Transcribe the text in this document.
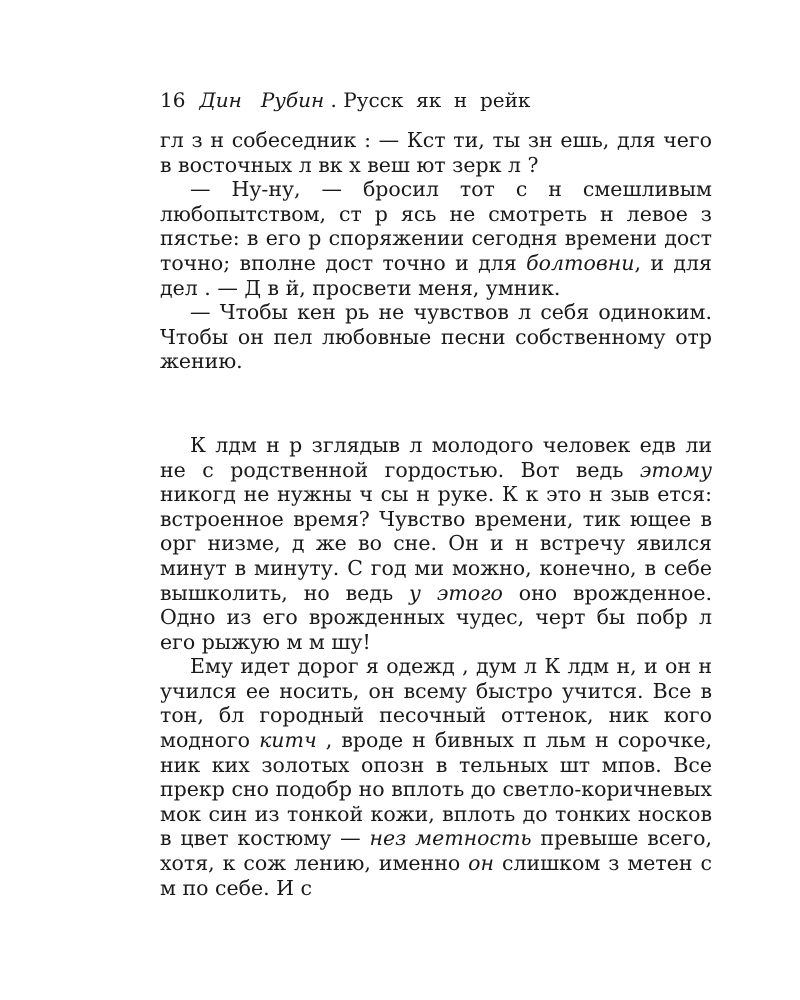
16 Дин   Рубин . Русск  як  н  рейк

гл з н собеседник : — Кст ти, ты зн ешь, для чего в восточных л вк х веш ют зерк л ?

— Ну-ну, — бросил тот с н смешливым любопытством, ст р ясь не смотреть н левое з пястье: в его р споряжении сегодня времени дост точно; вполне дост точно и для болтовни, и для дел . — Д в й, просвети меня, умник.

— Чтобы кен рь не чувствов л себя одиноким. Чтобы он пел любовные песни собственному отр жению.

К лдм н р зглядыв л молодого человек едв ли не с родственной гордостью. Вот ведь этому никогд не нужны ч сы н руке. К к это н зыв ется: встроенное время? Чувство времени, тик ющее в орг низме, д же во сне. Он и н встречу явился минут в минуту. С год ми можно, конечно, в себе вышколить, но ведь у этого оно врожденное. Одно из его врожденных чудес, черт бы побр л его рыжую м м шу!

Ему идет дорог я одежд , дум л К лдм н, и он н учился ее носить, он всему быстро учится. Все в тон, бл городный песочный оттенок, ник кого модного китч , вроде н бивных п льм н сорочке, ник ких золотых опозн в тельных шт мпов. Все прекр сно подобр но вплоть до светло-коричневых мок син из тонкой кожи, вплоть до тонких носков в цвет костюму — нез метность превыше всего, хотя, к сож лению, именно он слишком з метен с м по себе. И с
